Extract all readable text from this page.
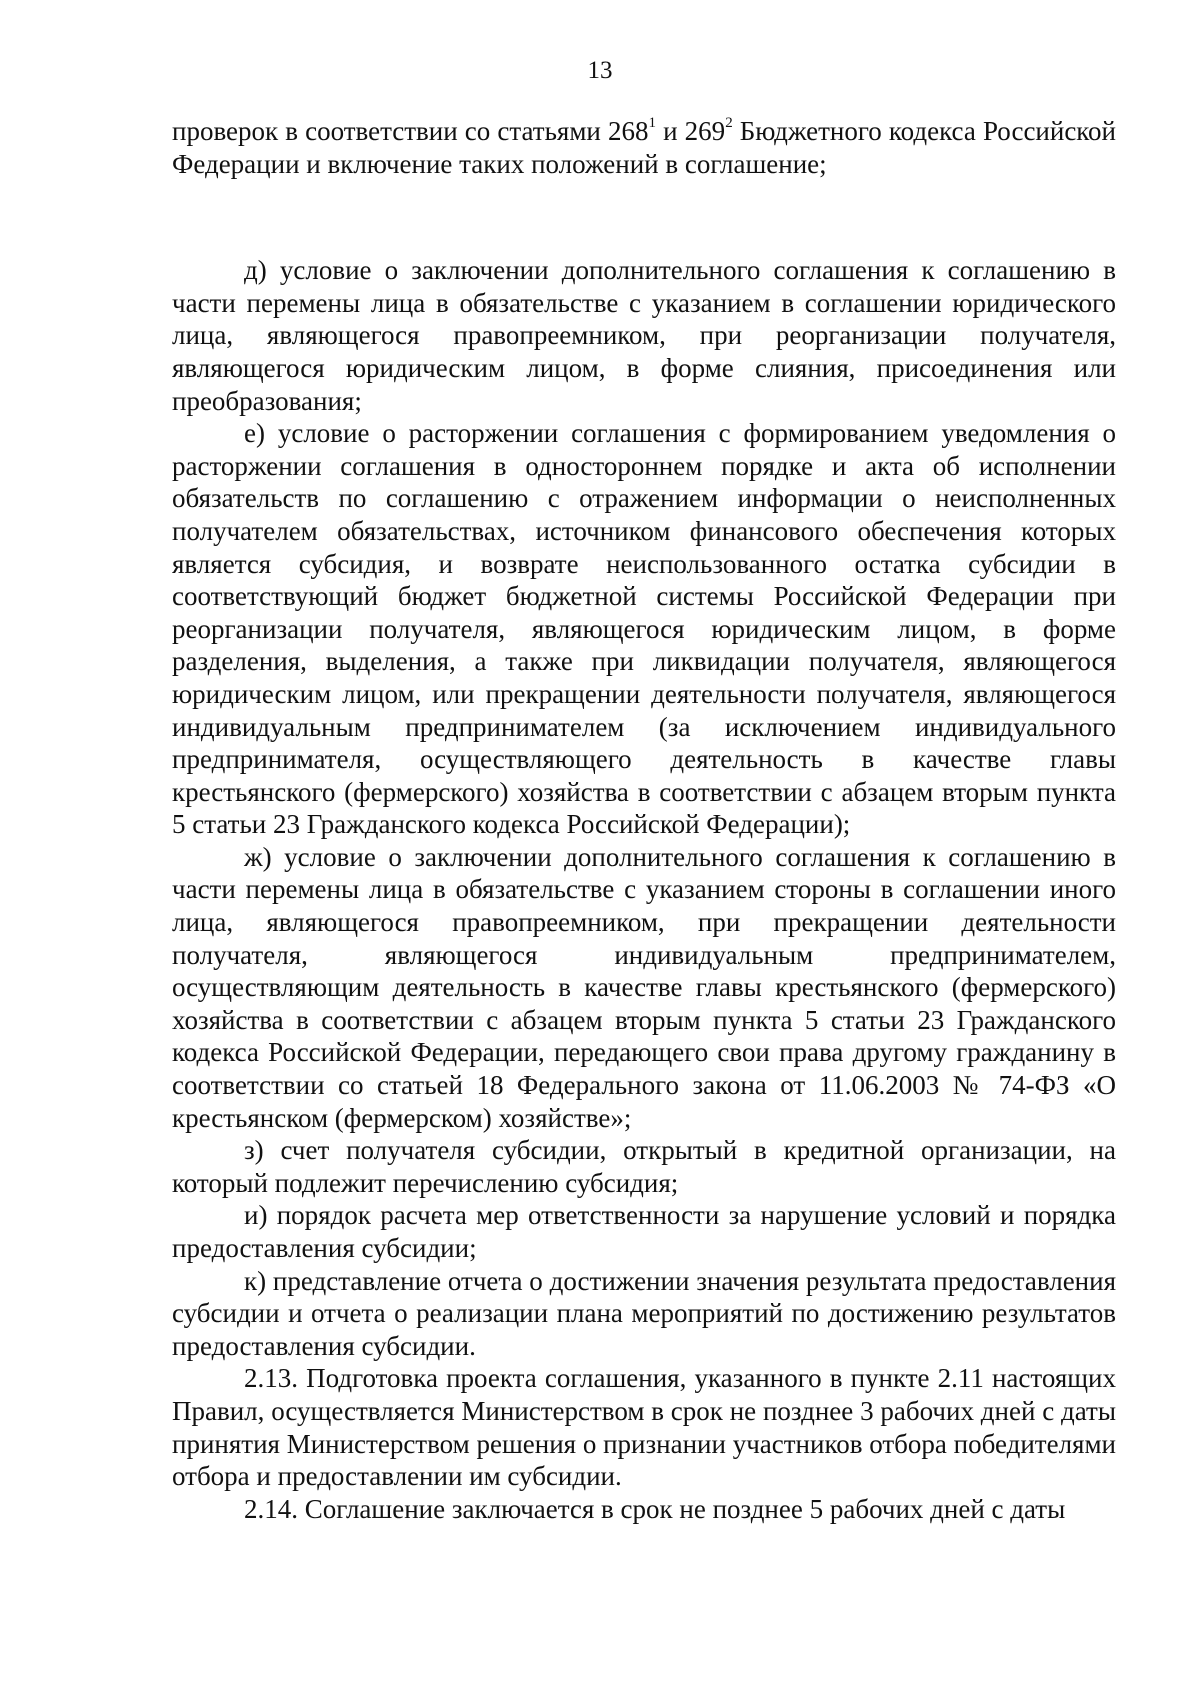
13

проверок в соответствии со статьями $268^1$ и $269^2$ Бюджетного кодекса Российской Федерации и включение таких положений в соглашение;

д) условие о заключении дополнительного соглашения к соглашению в части перемены лица в обязательстве с указанием в соглашении юридического лица, являющегося правопреемником, при реорганизации получателя, являющегося юридическим лицом, в форме слияния, присоединения или преобразования;

е) условие о расторжении соглашения с формированием уведомления о расторжении соглашения в одностороннем порядке и акта об исполнении обязательств по соглашению с отражением информации о неисполненных получателем обязательствах, источником финансового обеспечения которых является субсидия, и возврате неиспользованного остатка субсидии в соответствующий бюджет бюджетной системы Российской Федерации при реорганизации получателя, являющегося юридическим лицом, в форме разделения, выделения, а также при ликвидации получателя, являющегося юридическим лицом, или прекращении деятельности получателя, являющегося индивидуальным предпринимателем (за исключением индивидуального предпринимателя, осуществляющего деятельность в качестве главы крестьянского (фермерского) хозяйства в соответствии с абзацем вторым пункта 5 статьи 23 Гражданского кодекса Российской Федерации);

ж) условие о заключении дополнительного соглашения к соглашению в части перемены лица в обязательстве с указанием стороны в соглашении иного лица, являющегося правопреемником, при прекращении деятельности получателя, являющегося индивидуальным предпринимателем, осуществляющим деятельность в качестве главы крестьянского (фермерского) хозяйства в соответствии с абзацем вторым пункта 5 статьи 23 Гражданского кодекса Российской Федерации, передающего свои права другому гражданину в соответствии со статьей 18 Федерального закона от 11.06.2003 № 74-ФЗ «О крестьянском (фермерском) хозяйстве»;

з) счет получателя субсидии, открытый в кредитной организации, на который подлежит перечислению субсидия;

и) порядок расчета мер ответственности за нарушение условий и порядка предоставления субсидии;

к) представление отчета о достижении значения результата предоставления субсидии и отчета о реализации плана мероприятий по достижению результатов предоставления субсидии.

2.13. Подготовка проекта соглашения, указанного в пункте 2.11 настоящих Правил, осуществляется Министерством в срок не позднее 3 рабочих дней с даты принятия Министерством решения о признании участников отбора победителями отбора и предоставлении им субсидии.

2.14. Соглашение заключается в срок не позднее 5 рабочих дней с даты
